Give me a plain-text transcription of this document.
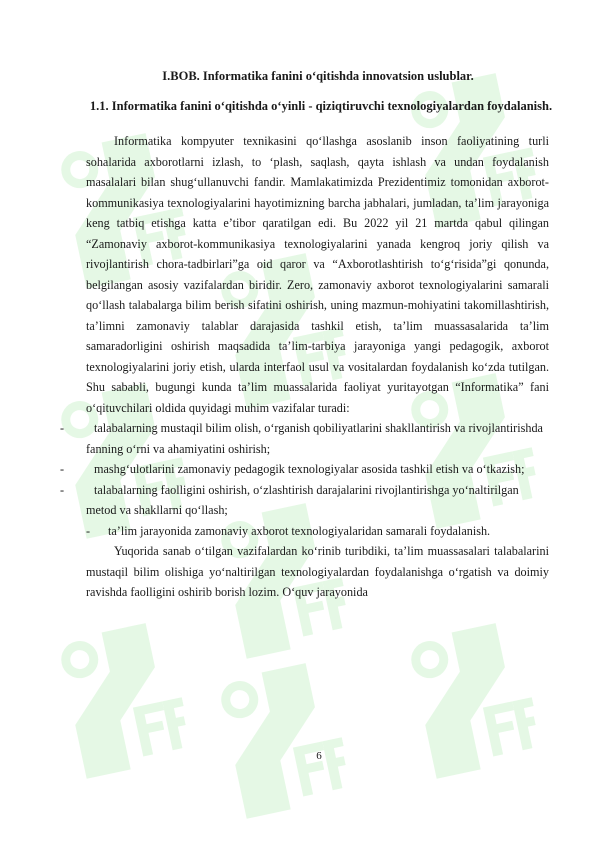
I.BOB. Informatika fanini o‘qitishda innovatsion uslublar.
1.1. Informatika fanini o‘qitishda o‘yinli - qiziqtiruvchi texnologiyalardan foydalanish.

Informatika kompyuter texnikasini qo‘llashga asoslanib inson faoliyatining turli sohalarida axborotlarni izlash, to ‘plash, saqlash, qayta ishlash va undan foydalanish masalalari bilan shug‘ullanuvchi fandir. Mamlakatimizda Prezidentimiz tomonidan axborot-kommunikasiya texnologiyalarini hayotimizning barcha jabhalari, jumladan, ta’lim jarayoniga keng tatbiq etishga katta e’tibor qaratilgan edi. Bu 2022 yil 21 martda qabul qilingan “Zamonaviy axborot-kommunikasiya texnologiyalarini yanada kengroq joriy qilish va rivojlantirish chora-tadbirlari”ga oid qaror va “Axborotlashtirish to‘g‘risida”gi qonunda, belgilangan asosiy vazifalardan biridir. Zero, zamonaviy axborot texnologiyalarini samarali qo‘llash talabalarga bilim berish sifatini oshirish, uning mazmun-mohiyatini takomillashtirish, ta’limni zamonaviy talablar darajasida tashkil etish, ta’lim muassasalarida ta’lim samaradorligini oshirish maqsadida ta’lim-tarbiya jarayoniga yangi pedagogik, axborot texnologiyalarini joriy etish, ularda interfaol usul va vositalardan foydalanish ko‘zda tutilgan. Shu sababli, bugungi kunda ta’lim muassalarida faoliyat yuritayotgan “Informatika” fani o‘qituvchilari oldida quyidagi muhim vazifalar turadi:

-	talabalarning mustaqil bilim olish, o‘rganish qobiliyatlarini shakllantirish va rivojlantirishda fanning o‘rni va ahamiyatini oshirish;
-	mashg‘ulotlarini zamonaviy pedagogik texnologiyalar asosida tashkil etish va o‘tkazish;
-	talabalarning faolligini oshirish, o‘zlashtirish darajalarini rivojlantirishga yo‘naltirilgan metod va shakllarni qo‘llash;
-	ta’lim jarayonida zamonaviy axborot texnologiyalaridan samarali foydalanish.

Yuqorida sanab o‘tilgan vazifalardan ko‘rinib turibdiki, ta’lim muassasalari talabalarini mustaqil bilim olishiga yo‘naltirilgan texnologiyalardan foydalanishga o‘rgatish va doimiy ravishda faolligini oshirib borish lozim. O‘quv jarayonida

6
